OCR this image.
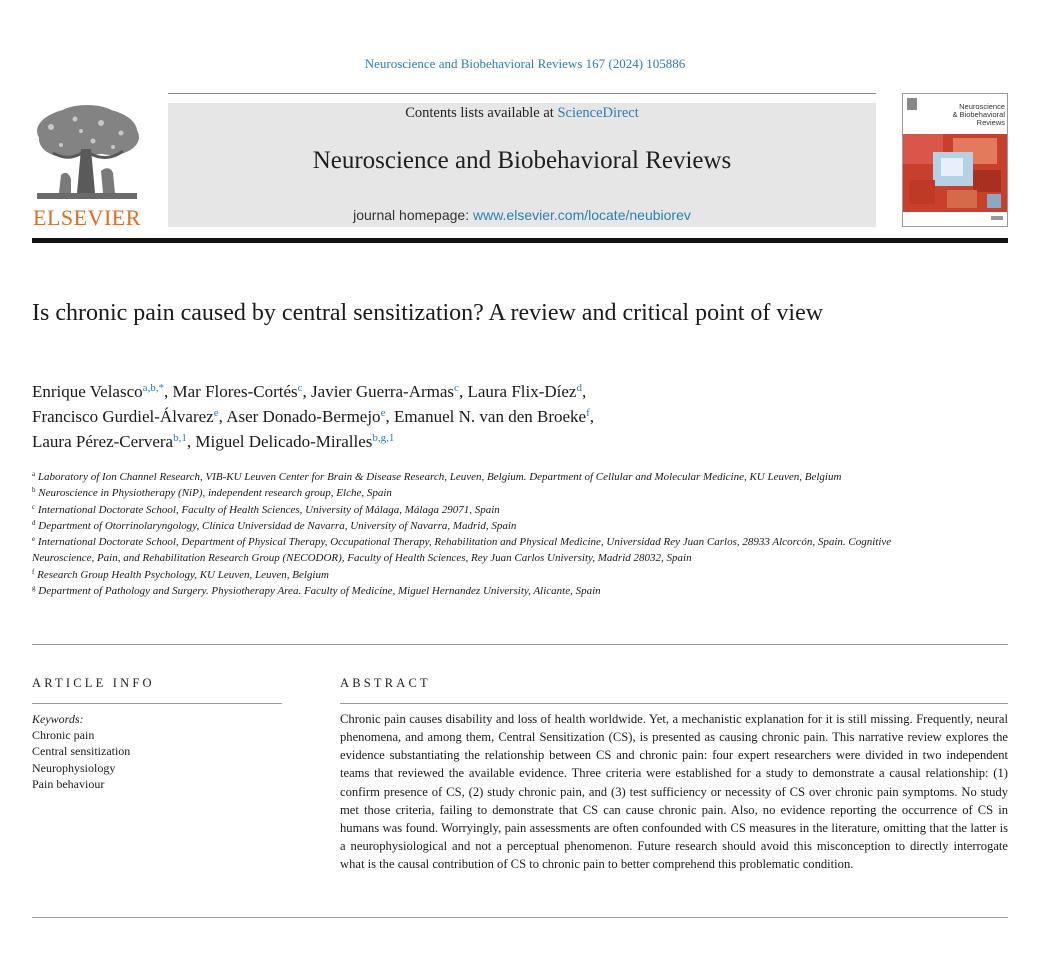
Neuroscience and Biobehavioral Reviews 167 (2024) 105886
ELSEVIER
Contents lists available at ScienceDirect
Neuroscience and Biobehavioral Reviews
journal homepage: www.elsevier.com/locate/neubiorev
Neuroscience
& Biobehavioral
Reviews
Is chronic pain caused by central sensitization? A review and critical point of view
Enrique Velasco$^{a,b,*}$, Mar Flores-Cortés$^c$, Javier Guerra-Armas$^c$, Laura Flix-Díez$^d$,
Francisco Gurdiel-Álvarez$^e$, Aser Donado-Bermejo$^e$, Emanuel N. van den Broeke$^f$,
Laura Pérez-Cervera$^{b,1}$, Miguel Delicado-Miralles$^{b,g,1}$

$^a$ Laboratory of Ion Channel Research, VIB-KU Leuven Center for Brain & Disease Research, Leuven, Belgium. Department of Cellular and Molecular Medicine, KU Leuven, Belgium

$^b$ Neuroscience in Physiotherapy (NiP), independent research group, Elche, Spain

$^c$ International Doctorate School, Faculty of Health Sciences, University of Málaga, Málaga 29071, Spain

$^d$ Department of Otorrinolaryngology, Clínica Universidad de Navarra, University of Navarra, Madrid, Spain

$^e$ International Doctorate School, Department of Physical Therapy, Occupational Therapy, Rehabilitation and Physical Medicine, Universidad Rey Juan Carlos, 28933 Alcorcón, Spain. Cognitive Neuroscience, Pain, and Rehabilitation Research Group (NECODOR), Faculty of Health Sciences, Rey Juan Carlos University, Madrid 28032, Spain

$^f$ Research Group Health Psychology, KU Leuven, Leuven, Belgium

$^g$ Department of Pathology and Surgery. Physiotherapy Area. Faculty of Medicine, Miguel Hernandez University, Alicante, Spain

ARTICLE INFO	ABSTRACT
Keywords:
Chronic pain
Central sensitization
Neurophysiology
Pain behaviour
Chronic pain causes disability and loss of health worldwide. Yet, a mechanistic explanation for it is still missing. Frequently, neural phenomena, and among them, Central Sensitization (CS), is presented as causing chronic pain. This narrative review explores the evidence substantiating the relationship between CS and chronic pain: four expert researchers were divided in two independent teams that reviewed the available evidence. Three criteria were established for a study to demonstrate a causal relationship: (1) confirm presence of CS, (2) study chronic pain, and (3) test sufficiency or necessity of CS over chronic pain symptoms. No study met those criteria, failing to demonstrate that CS can cause chronic pain. Also, no evidence reporting the occurrence of CS in humans was found. Worryingly, pain assessments are often confounded with CS measures in the literature, omitting that the latter is a neurophysiological and not a perceptual phenomenon. Future research should avoid this misconception to directly interrogate what is the causal contribution of CS to chronic pain to better comprehend this problematic condition.
